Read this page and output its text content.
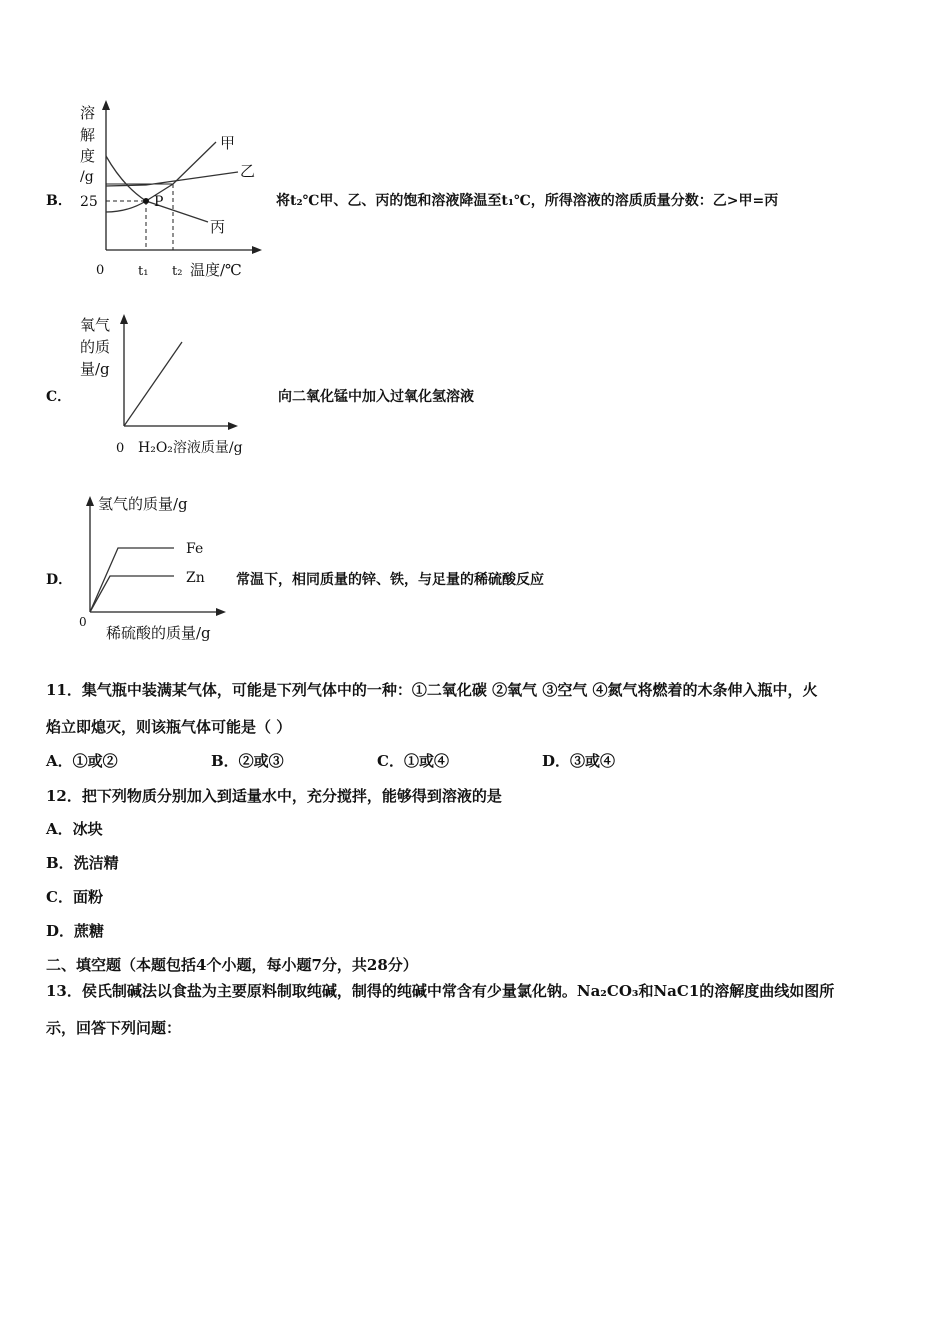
B．
溶
解
度
/g
25	P
甲
乙
丙
0	t₁ t₂ 温度/℃
将t₂℃甲、乙、丙的饱和溶液降温至t₁℃，所得溶液的溶质质量分数：乙>甲=丙
C．
氧气
的质
量/g
0 H₂O₂溶液质量/g
向二氧化锰中加入过氧化氢溶液
D．
氢气的质量/g
Fe
Zn
0
稀硫酸的质量/g
常温下，相同质量的锌、铁，与足量的稀硫酸反应
11．集气瓶中装满某气体，可能是下列气体中的一种：①二氧化碳 ②氧气 ③空气 ④氮气将燃着的木条伸入瓶中，火
焰立即熄灭，则该瓶气体可能是（ ）
A．①或②	B．②或③	C．①或④	D．③或④
12．把下列物质分别加入到适量水中，充分搅拌，能够得到溶液的是
A．冰块
B．洗洁精
C．面粉
D．蔗糖
二、填空题（本题包括4个小题，每小题7分，共28分）
13．侯氏制碱法以食盐为主要原料制取纯碱，制得的纯碱中常含有少量氯化钠。Na₂CO₃和NaC1的溶解度曲线如图所
示，回答下列问题：
